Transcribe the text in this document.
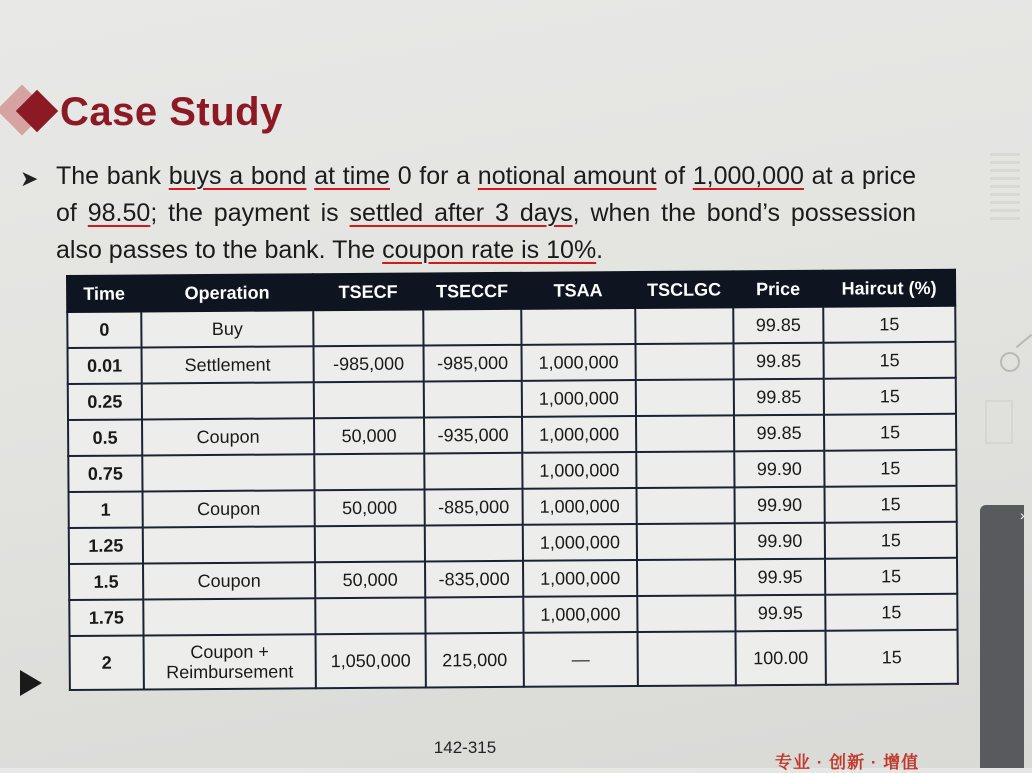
Case Study
➤ The bank buys a bond at time 0 for a notional amount of 1,000,000 at a price of 98.50; the payment is settled after 3 days, when the bond’s possession also passes to the bank. The coupon rate is 10%.
Time	Operation	TSECF	TSECCF	TSAA	TSCLGC	Price	Haircut (%)
0	Buy					99.85	15
0.01	Settlement	-985,000	-985,000	1,000,000		99.85	15
0.25				1,000,000		99.85	15
0.5	Coupon	50,000	-935,000	1,000,000		99.85	15
0.75				1,000,000		99.90	15
1	Coupon	50,000	-885,000	1,000,000		99.90	15
1.25				1,000,000		99.90	15
1.5	Coupon	50,000	-835,000	1,000,000		99.95	15
1.75				1,000,000		99.95	15
2	Coupon +
Reimbursement	1,050,000	215,000	—		100.00	15
142-315
专业 · 创新 · 增值
›
